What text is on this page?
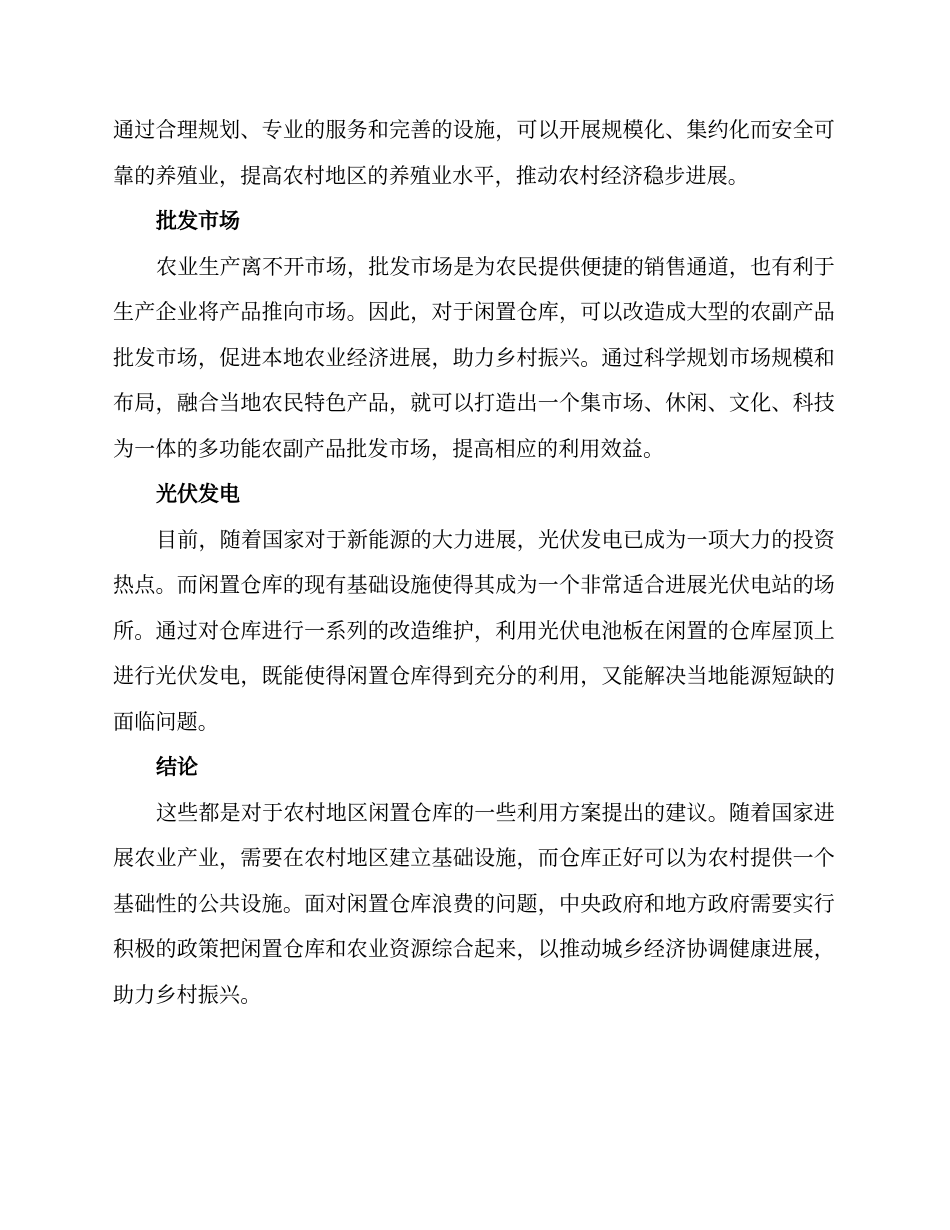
通过合理规划、专业的服务和完善的设施，可以开展规模化、集约化而安全可靠的养殖业，提高农村地区的养殖业水平，推动农村经济稳步进展。

批发市场

农业生产离不开市场，批发市场是为农民提供便捷的销售通道，也有利于生产企业将产品推向市场。因此，对于闲置仓库，可以改造成大型的农副产品批发市场，促进本地农业经济进展，助力乡村振兴。通过科学规划市场规模和布局，融合当地农民特色产品，就可以打造出一个集市场、休闲、文化、科技为一体的多功能农副产品批发市场，提高相应的利用效益。

光伏发电

目前，随着国家对于新能源的大力进展，光伏发电已成为一项大力的投资热点。而闲置仓库的现有基础设施使得其成为一个非常适合进展光伏电站的场所。通过对仓库进行一系列的改造维护，利用光伏电池板在闲置的仓库屋顶上进行光伏发电，既能使得闲置仓库得到充分的利用，又能解决当地能源短缺的面临问题。

结论

这些都是对于农村地区闲置仓库的一些利用方案提出的建议。随着国家进展农业产业，需要在农村地区建立基础设施，而仓库正好可以为农村提供一个基础性的公共设施。面对闲置仓库浪费的问题，中央政府和地方政府需要实行积极的政策把闲置仓库和农业资源综合起来，以推动城乡经济协调健康进展，助力乡村振兴。
